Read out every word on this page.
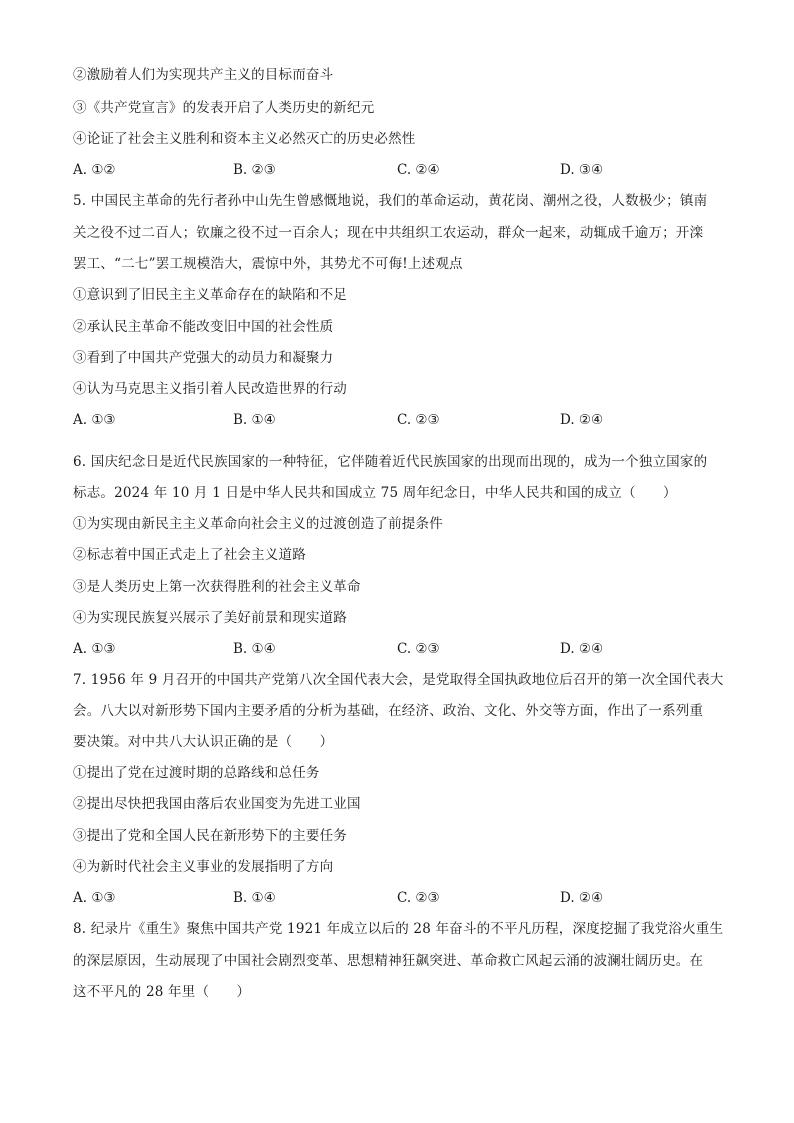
②激励着人们为实现共产主义的目标而奋斗
③《共产党宣言》的发表开启了人类历史的新纪元
④论证了社会主义胜利和资本主义必然灭亡的历史必然性
A. ①②	B. ②③	C. ②④	D. ③④
5. 中国民主革命的先行者孙中山先生曾感慨地说，我们的革命运动，黄花岗、潮州之役，人数极少；镇南
关之役不过二百人；钦廉之役不过一百余人；现在中共组织工农运动，群众一起来，动辄成千逾万；开滦
罢工、“二七”罢工规模浩大，震惊中外，其势尤不可侮!上述观点
①意识到了旧民主主义革命存在的缺陷和不足
②承认民主革命不能改变旧中国的社会性质
③看到了中国共产党强大的动员力和凝聚力
④认为马克思主义指引着人民改造世界的行动
A. ①③	B. ①④	C. ②③	D. ②④
6. 国庆纪念日是近代民族国家的一种特征，它伴随着近代民族国家的出现而出现的，成为一个独立国家的
标志。2024 年 10 月 1 日是中华人民共和国成立 75 周年纪念日，中华人民共和国的成立（　　）
①为实现由新民主主义革命向社会主义的过渡创造了前提条件
②标志着中国正式走上了社会主义道路
③是人类历史上第一次获得胜利的社会主义革命
④为实现民族复兴展示了美好前景和现实道路
A. ①③	B. ①④	C. ②③	D. ②④
7. 1956 年 9 月召开的中国共产党第八次全国代表大会，是党取得全国执政地位后召开的第一次全国代表大
会。八大以对新形势下国内主要矛盾的分析为基础，在经济、政治、文化、外交等方面，作出了一系列重
要决策。对中共八大认识正确的是（　　）
①提出了党在过渡时期的总路线和总任务
②提出尽快把我国由落后农业国变为先进工业国
③提出了党和全国人民在新形势下的主要任务
④为新时代社会主义事业的发展指明了方向
A. ①③	B. ①④	C. ②③	D. ②④
8. 纪录片《重生》聚焦中国共产党 1921 年成立以后的 28 年奋斗的不平凡历程，深度挖掘了我党浴火重生
的深层原因，生动展现了中国社会剧烈变革、思想精神狂飙突进、革命救亡风起云涌的波澜壮阔历史。在
这不平凡的 28 年里（　　）
